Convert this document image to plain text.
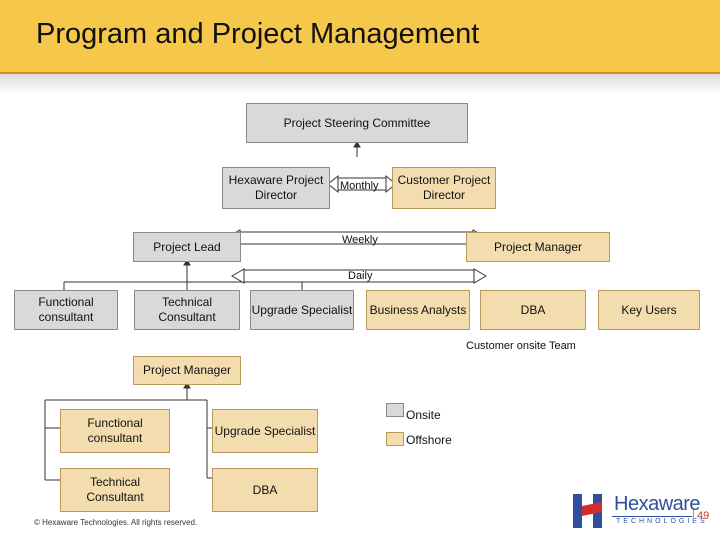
Program and Project Management
Project Steering Committee
Hexaware Project Director
Customer Project Director
Monthly
Project Lead	Weekly	Project Manager
Daily
Functional consultant
Technical Consultant
Upgrade Specialist Business Analysts	DBA	Key Users
Customer onsite Team
Project Manager
Functional consultant
Upgrade Specialist
Technical Consultant
DBA
Onsite
Offshore
© Hexaware Technologies. All rights reserved.
Hexaware
TECHNOLOGIES
49
